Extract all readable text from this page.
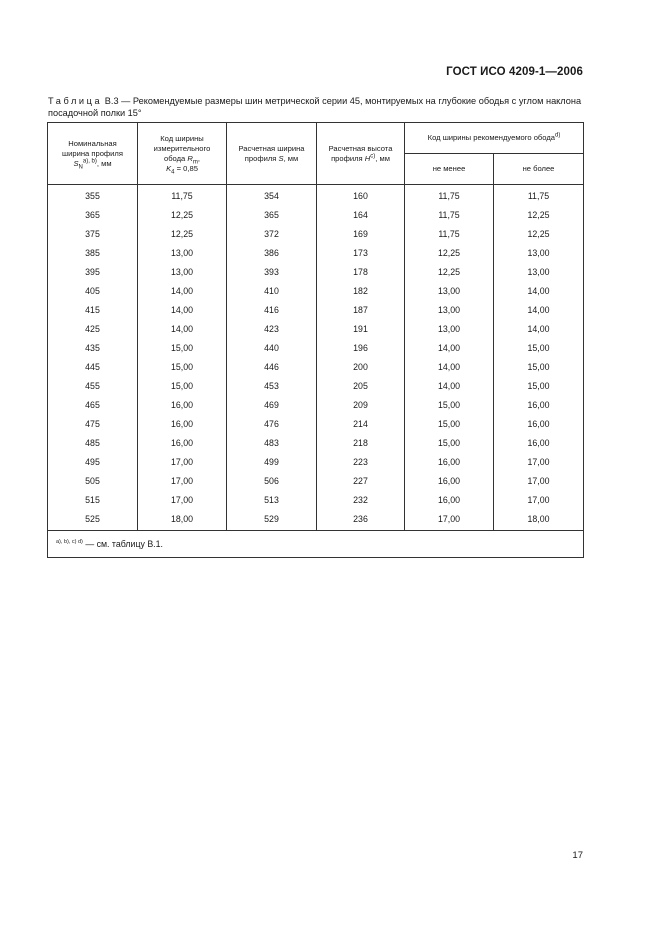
ГОСТ ИСО 4209-1—2006
Таблица В.3 — Рекомендуемые размеры шин метрической серии 45, монтируемых на глубокие ободья с углом наклона посадочной полки 15°
Номинальная
ширина профиля
$S_N^{a), b)}$, мм	Код ширины
измерительного
обода $R_m$,
$K_4 = 0,85$	Расчетная ширина
профиля S, мм	Расчетная высота
профиля $H^{c)}$, мм	Код ширины рекомендуемого обода$^{d)}$
				не менее	не более
355	11,75	354	160	11,75	11,75
365	12,25	365	164	11,75	12,25
375	12,25	372	169	11,75	12,25
385	13,00	386	173	12,25	13,00
395	13,00	393	178	12,25	13,00
405	14,00	410	182	13,00	14,00
415	14,00	416	187	13,00	14,00
425	14,00	423	191	13,00	14,00
435	15,00	440	196	14,00	15,00
445	15,00	446	200	14,00	15,00
455	15,00	453	205	14,00	15,00
465	16,00	469	209	15,00	16,00
475	16,00	476	214	15,00	16,00
485	16,00	483	218	15,00	16,00
495	17,00	499	223	16,00	17,00
505	17,00	506	227	16,00	17,00
515	17,00	513	232	16,00	17,00
525	18,00	529	236	17,00	18,00
$^{a), b), c) d)}$ — см. таблицу В.1.					
17
